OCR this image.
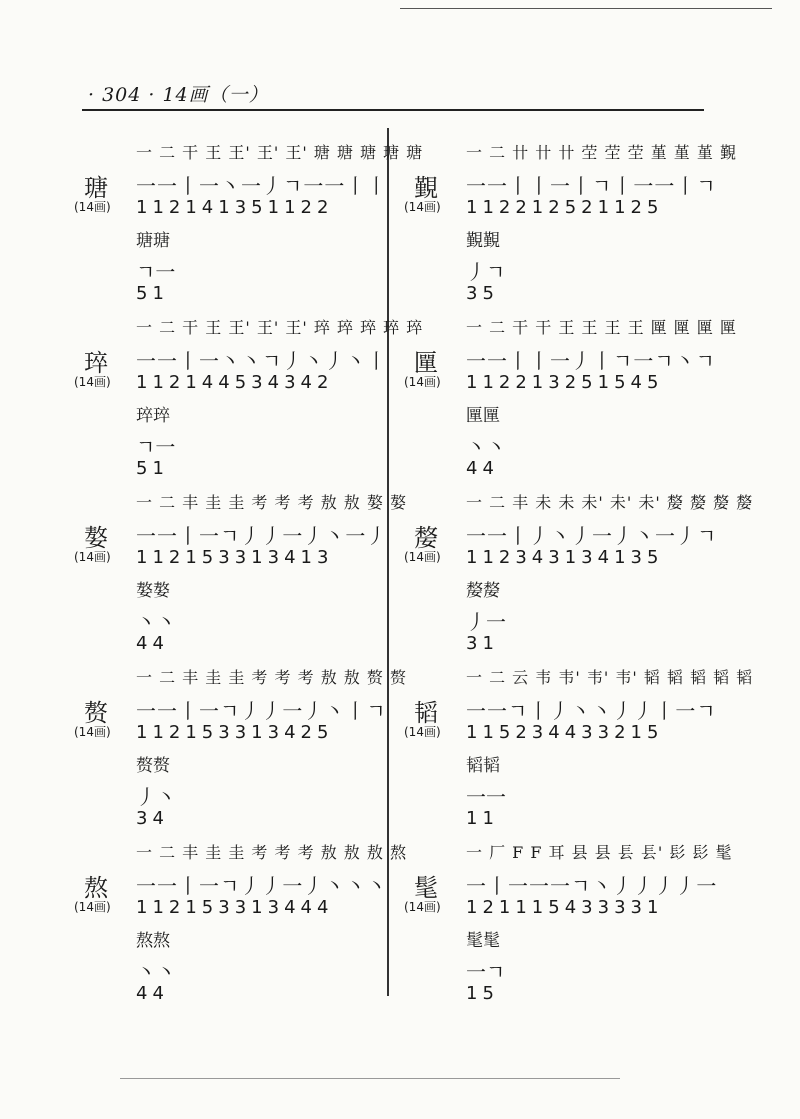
· 304 · 14画（一）
瑭
(14画)
一 二 干 王 王' 王' 王' 瑭 瑭 瑭 瑭 瑭
一一丨一丶一丿ㄱ一一丨丨
112141351122
瑭瑭
ㄱ一
51
琗
(14画)
一 二 干 王 王' 王' 王' 琗 琗 琗 琗 琗
一一丨一丶丶ㄱ丿丶丿丶丨
112144534342
琗琗
ㄱ一
51
嫯
(14画)
一 二 丰 圭 圭 考 考 考 敖 敖 嫯 嫯
一一丨一ㄱ丿丿一丿丶一丿
112153313413
嫯嫯
丶丶
44
赘
(14画)
一 二 丰 圭 圭 考 考 考 敖 敖 赘 赘
一一丨一ㄱ丿丿一丿丶丨ㄱ
112153313425
赘赘
丿丶
34
熬
(14画)
一 二 丰 圭 圭 考 考 考 敖 敖 敖 熬
一一丨一ㄱ丿丿一丿丶丶丶
112153313444
熬熬
丶丶
44
覲
(14画)
一 二 卄 卄 卄 茔 茔 茔 堇 堇 堇 覲
一一丨丨一丨ㄱ丨一一丨ㄱ
112212521125
覲覲
丿ㄱ
35
匰
(14画)
一 二 干 干 王 王 王 王 匰 匰 匰 匰
一一丨丨一丿丨ㄱ一ㄱ丶ㄱ
112213251545
匰匰
丶丶
44
嫠
(14画)
一 二 丰 未 未 未' 未' 未' 嫠 嫠 嫠 嫠
一一丨丿丶丿一丿丶一丿ㄱ
112343134135
嫠嫠
丿一
31
韬
(14画)
一 二 云 韦 韦' 韦' 韦' 韬 韬 韬 韬 韬
一一ㄱ丨丿丶丶丿丿丨一ㄱ
115234433215
韬韬
一一
11
髦
(14画)
一 厂 F F 耳 县 县 镸 镸' 髟 髟 髦
一丨一一一ㄱ丶丿丿丿丿一
121115433331
髦髦
一ㄱ
15
